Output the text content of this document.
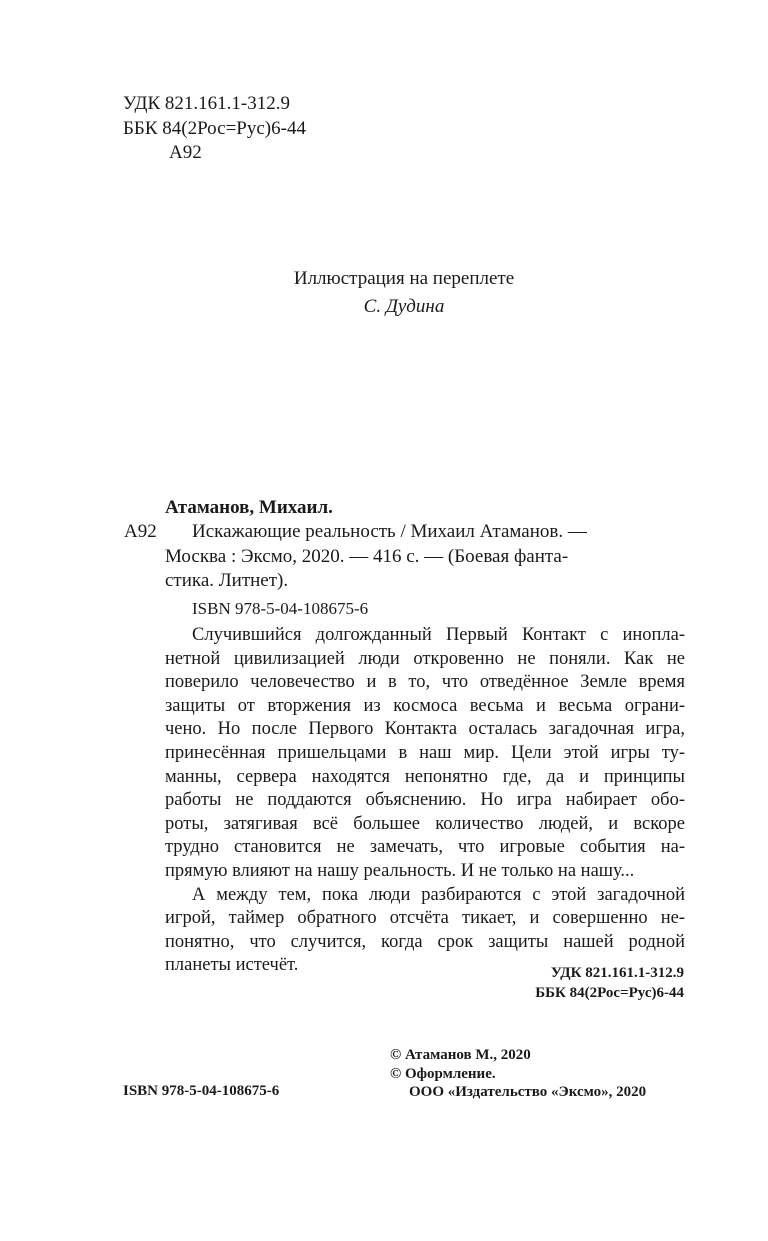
УДК 821.161.1-312.9
ББК 84(2Рос=Рус)6-44
А92
Иллюстрация на переплете
С. Дудина
Атаманов, Михаил.
А92 Искажающие реальность / Михаил Атаманов. —
Москва : Эксмо, 2020. — 416 с. — (Боевая фанта-
стика. Литнет).
ISBN 978-5-04-108675-6
Случившийся долгожданный Первый Контакт с инопла-
нетной цивилизацией люди откровенно не поняли. Как не
поверило человечество и в то, что отведённое Земле время
защиты от вторжения из космоса весьма и весьма ограни-
чено. Но после Первого Контакта осталась загадочная игра,
принесённая пришельцами в наш мир. Цели этой игры ту-
манны, сервера находятся непонятно где, да и принципы
работы не поддаются объяснению. Но игра набирает обо-
роты, затягивая всё большее количество людей, и вскоре
трудно становится не замечать, что игровые события на-
прямую влияют на нашу реальность. И не только на нашу...
А между тем, пока люди разбираются с этой загадочной
игрой, таймер обратного отсчёта тикает, и совершенно не-
понятно, что случится, когда срок защиты нашей родной
планеты истечёт.	УДК 821.161.1-312.9
ББК 84(2Рос=Рус)6-44
© Атаманов М., 2020
© Оформление.
ООО «Издательство «Эксмо», 2020
ISBN 978-5-04-108675-6
